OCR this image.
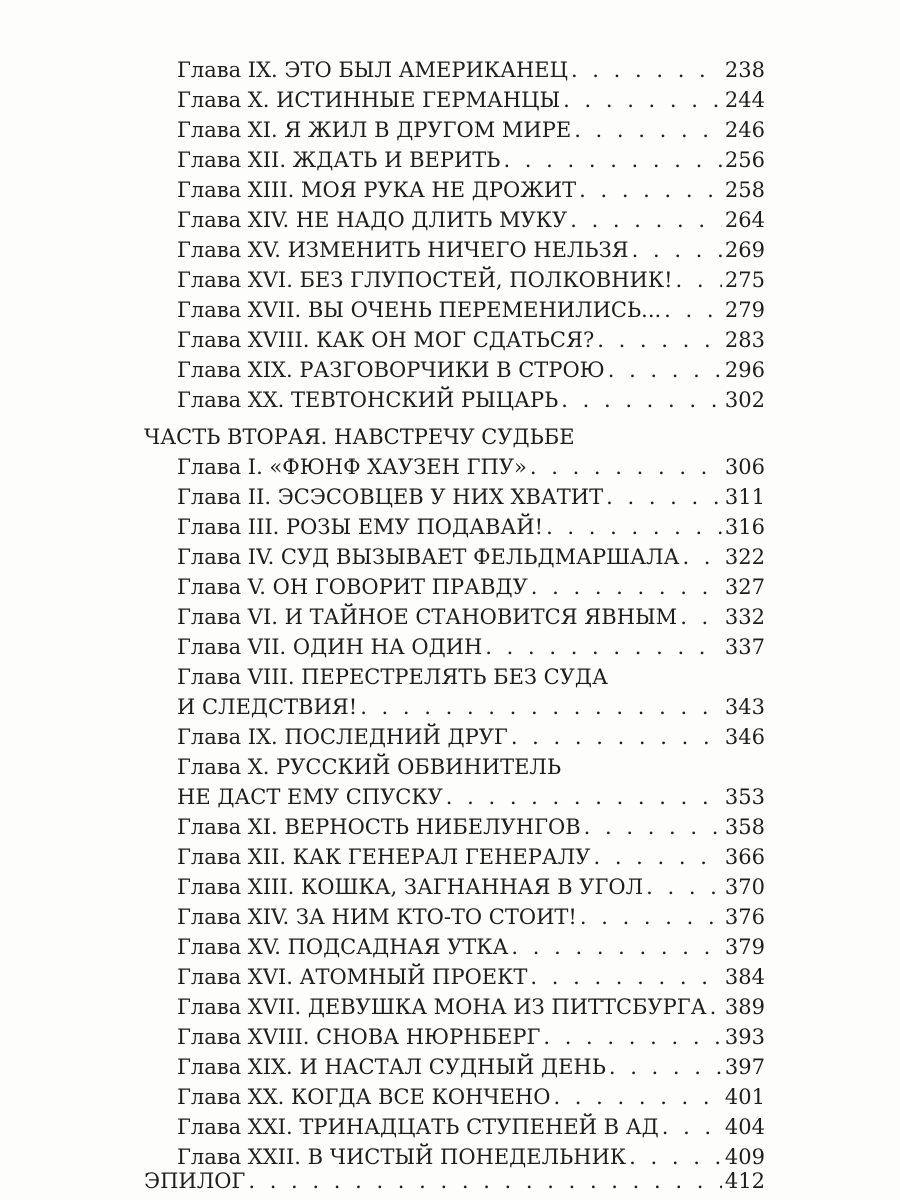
Глава IX. ЭТО БЫЛ АМЕРИКАНЕЦ . . .	238
Глава X. ИСТИННЫЕ ГЕРМАНЦЫ . . .	244
Глава XI. Я ЖИЛ В ДРУГОМ МИРЕ . . .	246
Глава XII. ЖДАТЬ И ВЕРИТЬ . . .	256
Глава XIII. МОЯ РУКА НЕ ДРОЖИТ . . .	258
Глава XIV. НЕ НАДО ДЛИТЬ МУКУ . . .	264
Глава XV. ИЗМЕНИТЬ НИЧЕГО НЕЛЬЗЯ . . .	269
Глава XVI. БЕЗ ГЛУПОСТЕЙ, ПОЛКОВНИК! . . . 275
Глава XVII. ВЫ ОЧЕНЬ ПЕРЕМЕНИЛИСЬ... . . .	279
Глава XVIII. КАК ОН МОГ СДАТЬСЯ? . . .	283
Глава XIX. РАЗГОВОРЧИКИ В СТРОЮ . . .	296
Глава XX. ТЕВТОНСКИЙ РЫЦАРЬ . . .	302
ЧАСТЬ ВТОРАЯ. НАВСТРЕЧУ СУДЬБЕ
Глава I. «ФЮНФ ХАУЗЕН ГПУ» . . .	306
Глава II. ЭСЭСОВЦЕВ У НИХ ХВАТИТ . . .	311
Глава III. РОЗЫ ЕМУ ПОДАВАЙ! . . .	316
Глава IV. СУД ВЫЗЫВАЕТ ФЕЛЬДМАРШАЛА . . . 322
Глава V. ОН ГОВОРИТ ПРАВДУ . . .	327
Глава VI. И ТАЙНОЕ СТАНОВИТСЯ ЯВНЫМ . . . 332
Глава VII. ОДИН НА ОДИН . . .	337
Глава VIII. ПЕРЕСТРЕЛЯТЬ БЕЗ СУДА
И СЛЕДСТВИЯ! . . .	343
Глава IX. ПОСЛЕДНИЙ ДРУГ . . .	346
Глава X. РУССКИЙ ОБВИНИТЕЛЬ
НЕ ДАСТ ЕМУ СПУСКУ . . .	353
Глава XI. ВЕРНОСТЬ НИБЕЛУНГОВ . . .	358
Глава XII. КАК ГЕНЕРАЛ ГЕНЕРАЛУ . . .	366
Глава XIII. КОШКА, ЗАГНАННАЯ В УГОЛ . . .	370
Глава XIV. ЗА НИМ КТО-ТО СТОИТ! . . .	376
Глава XV. ПОДСАДНАЯ УТКА . . .	379
Глава XVI. АТОМНЫЙ ПРОЕКТ . . .	384
Глава XVII. ДЕВУШКА МОНА ИЗ ПИТТСБУРГА . . . 389
Глава XVIII. СНОВА НЮРНБЕРГ . . .	393
Глава XIX. И НАСТАЛ СУДНЫЙ ДЕНЬ . . .	397
Глава XX. КОГДА ВСЕ КОНЧЕНО . . .	401
Глава XXI. ТРИНАДЦАТЬ СТУПЕНЕЙ В АД . . .	404
Глава XXII. В ЧИСТЫЙ ПОНЕДЕЛЬНИК . . .	409
ЭПИЛОГ . . .	412
